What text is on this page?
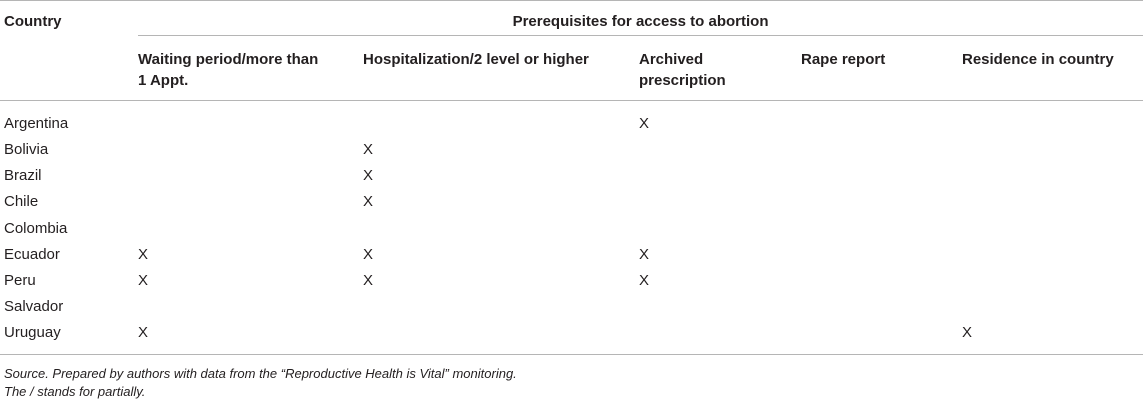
Country	Prerequisites for access to abortion				
	Waiting period/more than 1 Appt.	Hospitalization/2 level or higher	Archived prescription	Rape report	Residence in country
Argentina			X		
Bolivia		X			
Brazil		X			
Chile		X			
Colombia					
Ecuador	X	X	X		
Peru	X	X	X		
Salvador					
Uruguay	X				X
Source. Prepared by authors with data from the “Reproductive Health is Vital” monitoring.
The / stands for partially.
